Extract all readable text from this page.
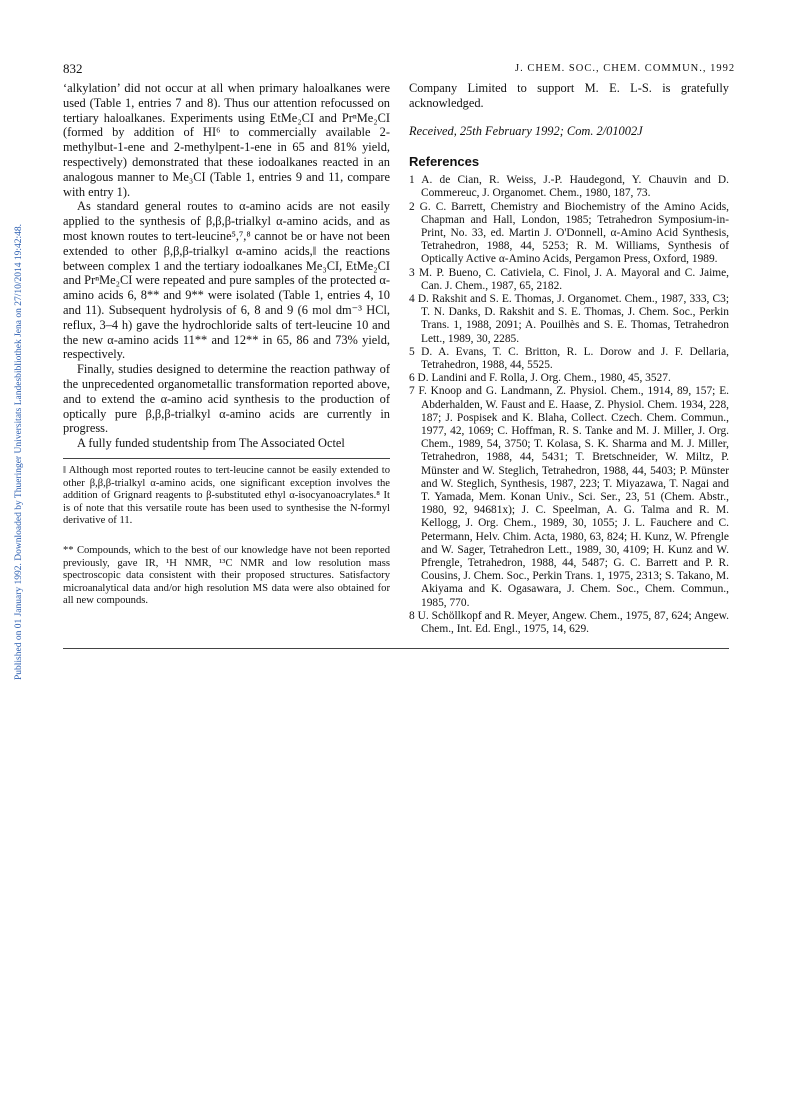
832	J. CHEM. SOC., CHEM. COMMUN., 1992
Published on 01 January 1992. Downloaded by Thueringer Universitats Landesbibliothek Jena on 27/10/2014 19:42:48.

‘alkylation’ did not occur at all when primary haloalkanes were used (Table 1, entries 7 and 8). Thus our attention refocussed on tertiary haloalkanes. Experiments using EtMe₂CI and PrⁿMe₂CI (formed by addition of HI⁶ to commercially available 2-methylbut-1-ene and 2-methylpent-1-ene in 65 and 81% yield, respectively) demonstrated that these iodoalkanes reacted in an analogous manner to Me₃CI (Table 1, entries 9 and 11, compare with entry 1).

As standard general routes to α-amino acids are not easily applied to the synthesis of β,β,β-trialkyl α-amino acids, and as most known routes to tert-leucine⁵,⁷,⁸ cannot be or have not been extended to other β,β,β-trialkyl α-amino acids,‖ the reactions between complex 1 and the tertiary iodoalkanes Me₃CI, EtMe₂CI and PrⁿMe₂CI were repeated and pure samples of the protected α-amino acids 6, 8** and 9** were isolated (Table 1, entries 4, 10 and 11). Subsequent hydrolysis of 6, 8 and 9 (6 mol dm⁻³ HCl, reflux, 3–4 h) gave the hydrochloride salts of tert-leucine 10 and the new α-amino acids 11** and 12** in 65, 86 and 73% yield, respectively.

Finally, studies designed to determine the reaction pathway of the unprecedented organometallic transformation reported above, and to extend the α-amino acid synthesis to the production of optically pure β,β,β-trialkyl α-amino acids are currently in progress.

A fully funded studentship from The Associated Octel

‖ Although most reported routes to tert-leucine cannot be easily extended to other β,β,β-trialkyl α-amino acids, one significant exception involves the addition of Grignard reagents to β-substituted ethyl α-isocyanoacrylates.⁸ It is of note that this versatile route has been used to synthesise the N-formyl derivative of 11.
** Compounds, which to the best of our knowledge have not been reported previously, gave IR, ¹H NMR, ¹³C NMR and low resolution mass spectroscopic data consistent with their proposed structures. Satisfactory microanalytical data and/or high resolution MS data were also obtained for all new compounds.

Company Limited to support M. E. L-S. is gratefully acknowledged.

Received, 25th February 1992; Com. 2/01002J

References

1 A. de Cian, R. Weiss, J.-P. Haudegond, Y. Chauvin and D. Commereuc, J. Organomet. Chem., 1980, 187, 73.

2 G. C. Barrett, Chemistry and Biochemistry of the Amino Acids, Chapman and Hall, London, 1985; Tetrahedron Symposium-in-Print, No. 33, ed. Martin J. O'Donnell, α-Amino Acid Synthesis, Tetrahedron, 1988, 44, 5253; R. M. Williams, Synthesis of Optically Active α-Amino Acids, Pergamon Press, Oxford, 1989.

3 M. P. Bueno, C. Cativiela, C. Finol, J. A. Mayoral and C. Jaime, Can. J. Chem., 1987, 65, 2182.

4 D. Rakshit and S. E. Thomas, J. Organomet. Chem., 1987, 333, C3; T. N. Danks, D. Rakshit and S. E. Thomas, J. Chem. Soc., Perkin Trans. 1, 1988, 2091; A. Pouilhès and S. E. Thomas, Tetrahedron Lett., 1989, 30, 2285.

5 D. A. Evans, T. C. Britton, R. L. Dorow and J. F. Dellaria, Tetrahedron, 1988, 44, 5525.

6 D. Landini and F. Rolla, J. Org. Chem., 1980, 45, 3527.

7 F. Knoop and G. Landmann, Z. Physiol. Chem., 1914, 89, 157; E. Abderhalden, W. Faust and E. Haase, Z. Physiol. Chem. 1934, 228, 187; J. Pospisek and K. Blaha, Collect. Czech. Chem. Commun., 1977, 42, 1069; C. Hoffman, R. S. Tanke and M. J. Miller, J. Org. Chem., 1989, 54, 3750; T. Kolasa, S. K. Sharma and M. J. Miller, Tetrahedron, 1988, 44, 5431; T. Bretschneider, W. Miltz, P. Münster and W. Steglich, Tetrahedron, 1988, 44, 5403; P. Münster and W. Steglich, Synthesis, 1987, 223; T. Miyazawa, T. Nagai and T. Yamada, Mem. Konan Univ., Sci. Ser., 23, 51 (Chem. Abstr., 1980, 92, 94681x); J. C. Speelman, A. G. Talma and R. M. Kellogg, J. Org. Chem., 1989, 30, 1055; J. L. Fauchere and C. Petermann, Helv. Chim. Acta, 1980, 63, 824; H. Kunz, W. Pfrengle and W. Sager, Tetrahedron Lett., 1989, 30, 4109; H. Kunz and W. Pfrengle, Tetrahedron, 1988, 44, 5487; G. C. Barrett and P. R. Cousins, J. Chem. Soc., Perkin Trans. 1, 1975, 2313; S. Takano, M. Akiyama and K. Ogasawara, J. Chem. Soc., Chem. Commun., 1985, 770.

8 U. Schöllkopf and R. Meyer, Angew. Chem., 1975, 87, 624; Angew. Chem., Int. Ed. Engl., 1975, 14, 629.
